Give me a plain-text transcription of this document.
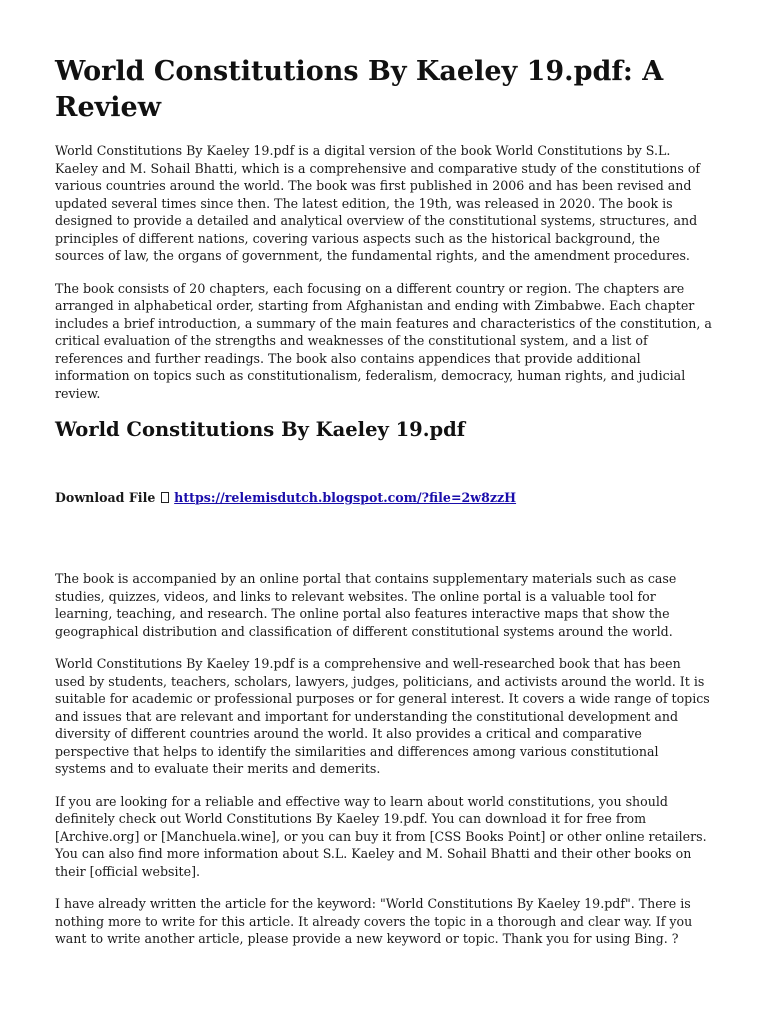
World Constitutions By Kaeley 19.pdf: A Review

World Constitutions By Kaeley 19.pdf is a digital version of the book World Constitutions by S.L. Kaeley and M. Sohail Bhatti, which is a comprehensive and comparative study of the constitutions of various countries around the world. The book was first published in 2006 and has been revised and updated several times since then. The latest edition, the 19th, was released in 2020. The book is designed to provide a detailed and analytical overview of the constitutional systems, structures, and principles of different nations, covering various aspects such as the historical background, the sources of law, the organs of government, the fundamental rights, and the amendment procedures.

The book consists of 20 chapters, each focusing on a different country or region. The chapters are arranged in alphabetical order, starting from Afghanistan and ending with Zimbabwe. Each chapter includes a brief introduction, a summary of the main features and characteristics of the constitution, a critical evaluation of the strengths and weaknesses of the constitutional system, and a list of references and further readings. The book also contains appendices that provide additional information on topics such as constitutionalism, federalism, democracy, human rights, and judicial review.

World Constitutions By Kaeley 19.pdf
Download File https://relemisdutch.blogspot.com/?file=2w8zzH

The book is accompanied by an online portal that contains supplementary materials such as case studies, quizzes, videos, and links to relevant websites. The online portal is a valuable tool for learning, teaching, and research. The online portal also features interactive maps that show the geographical distribution and classification of different constitutional systems around the world.

World Constitutions By Kaeley 19.pdf is a comprehensive and well-researched book that has been used by students, teachers, scholars, lawyers, judges, politicians, and activists around the world. It is suitable for academic or professional purposes or for general interest. It covers a wide range of topics and issues that are relevant and important for understanding the constitutional development and diversity of different countries around the world. It also provides a critical and comparative perspective that helps to identify the similarities and differences among various constitutional systems and to evaluate their merits and demerits.

If you are looking for a reliable and effective way to learn about world constitutions, you should definitely check out World Constitutions By Kaeley 19.pdf. You can download it for free from [Archive.org] or [Manchuela.wine], or you can buy it from [CSS Books Point] or other online retailers. You can also find more information about S.L. Kaeley and M. Sohail Bhatti and their other books on their [official website].

I have already written the article for the keyword: "World Constitutions By Kaeley 19.pdf". There is nothing more to write for this article. It already covers the topic in a thorough and clear way. If you want to write another article, please provide a new keyword or topic. Thank you for using Bing. ?
